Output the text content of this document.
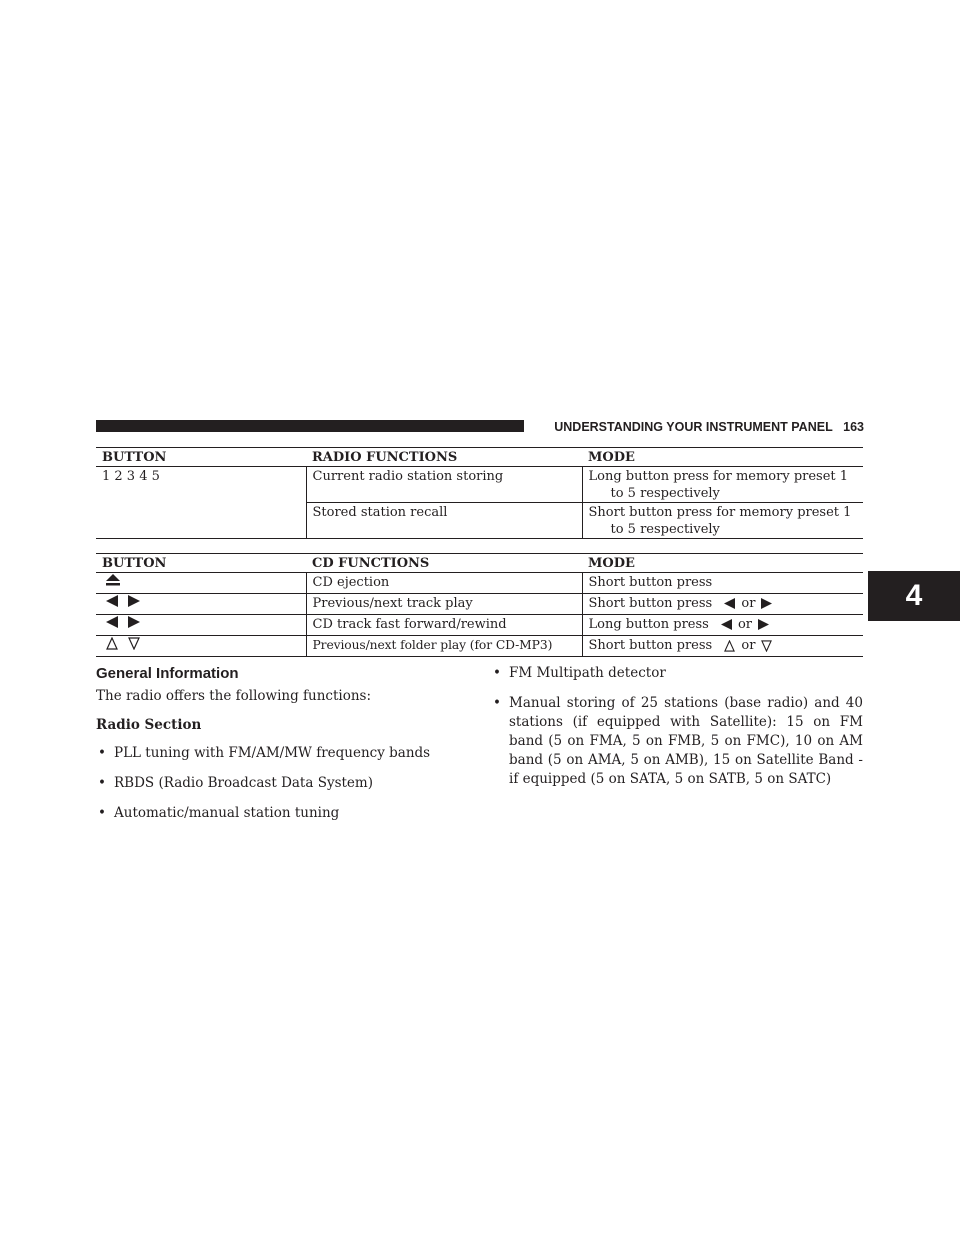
UNDERSTANDING YOUR INSTRUMENT PANEL 163
4
BUTTON	RADIO FUNCTIONS	MODE
1 2 3 4 5	Current radio station storing	Long button press for memory preset 1
to 5 respectively

	Stored station recall	Short button press for memory preset 1
to 5 respectively
BUTTON	CD FUNCTIONS	MODE

	CD ejection	Short button press

	Previous/next track play	Short button press or

	CD track fast forward/rewind	Long button press or

	Previous/next folder play (for CD-MP3)	Short button press or
General Information

The radio offers the following functions:

Radio Section

• PLL tuning with FM/AM/MW frequency bands
• RBDS (Radio Broadcast Data System)
• Automatic/manual station tuning
• FM Multipath detector
• Manual storing of 25 stations (base radio) and 40 stations (if equipped with Satellite): 15 on FM band (5 on FMA, 5 on FMB, 5 on FMC), 10 on AM band (5 on AMA, 5 on AMB), 15 on Satellite Band - if equipped (5 on SATA, 5 on SATB, 5 on SATC)
